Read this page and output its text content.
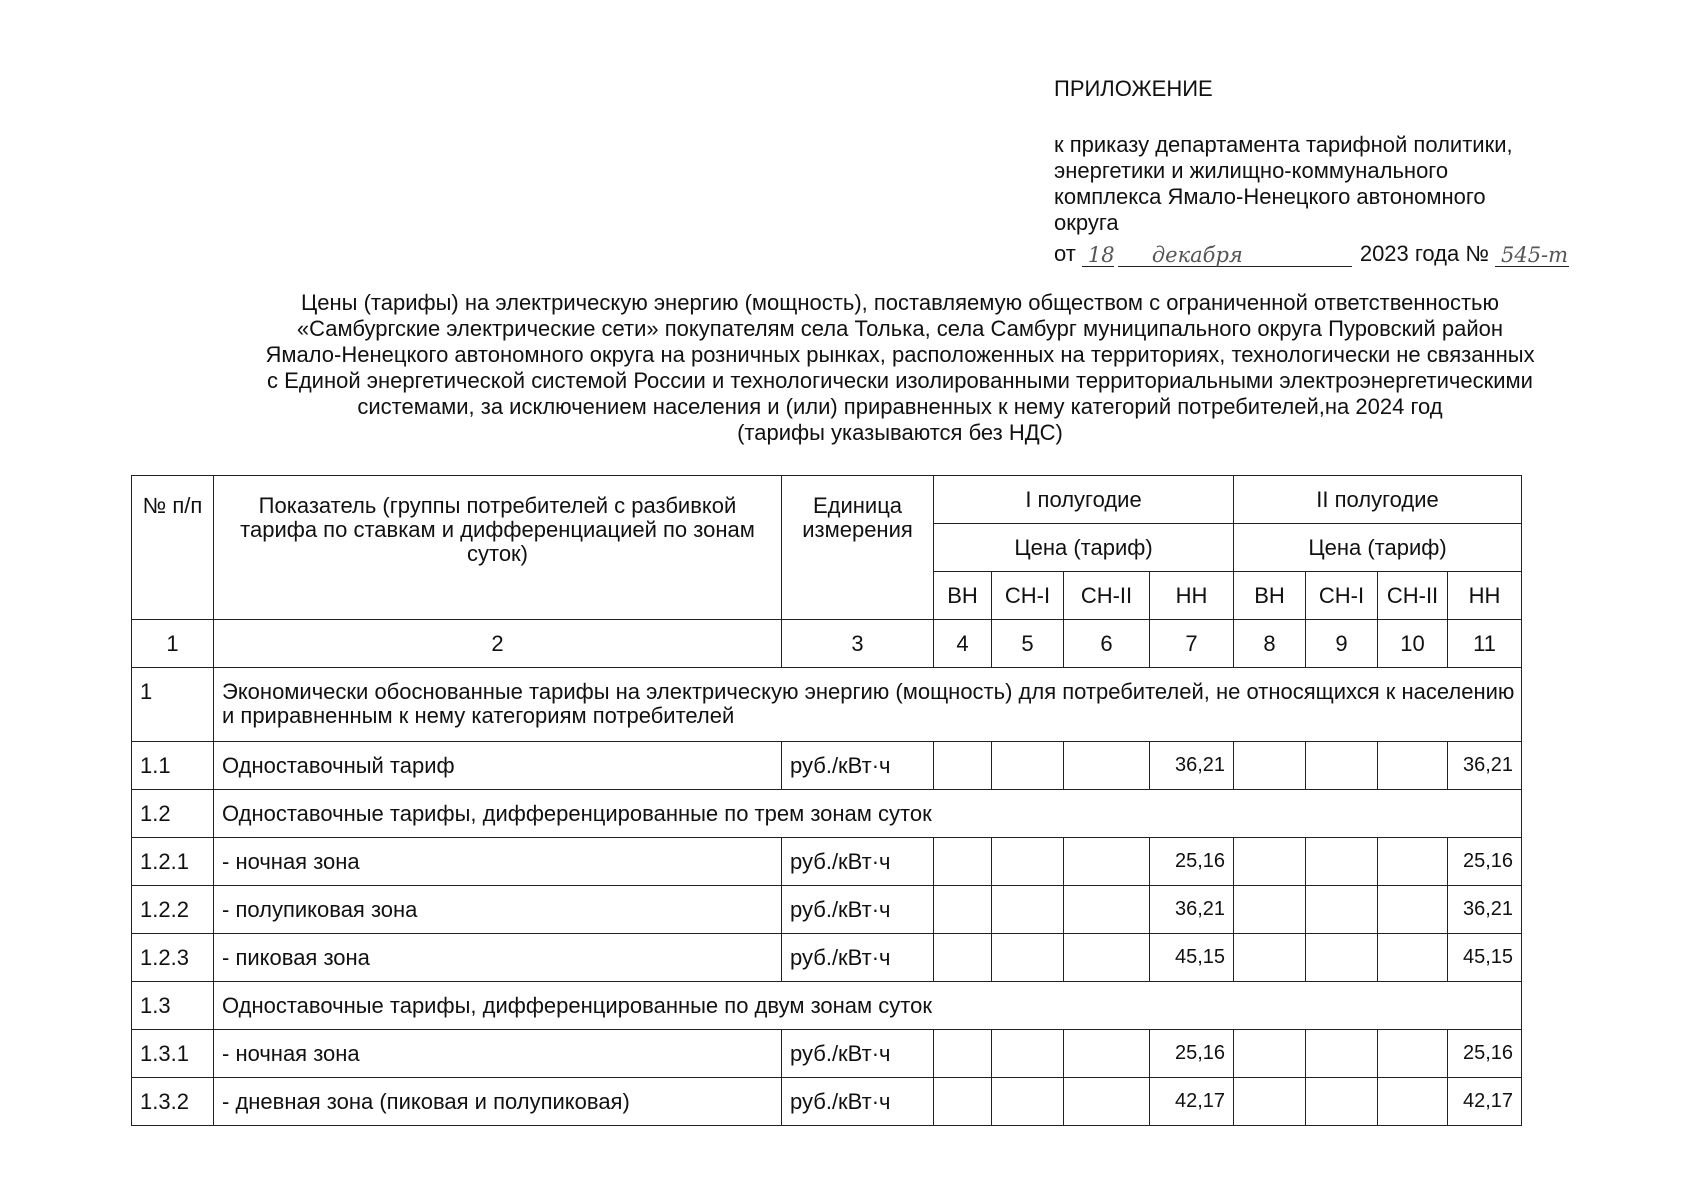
ПРИЛОЖЕНИЕ
к приказу департамента тарифной политики,
энергетики и жилищно-коммунального
комплекса Ямало-Ненецкого автономного
округа
от 18 декабря	2023 года № 545-т
Цены (тарифы) на электрическую энергию (мощность), поставляемую обществом с ограниченной ответственностью
«Самбургские электрические сети» покупателям села Толька, села Самбург муниципального округа Пуровский район
Ямало-Ненецкого автономного округа на розничных рынках, расположенных на территориях, технологически не связанных
с Единой энергетической системой России и технологически изолированными территориальными электроэнергетическими
системами, за исключением населения и (или) приравненных к нему категорий потребителей,на 2024 год
(тарифы указываются без НДС)
№ п/п	Показатель (группы потребителей с разбивкой тарифа по ставкам и дифференциацией по зонам суток)	Единица измерения	I полугодие				II полугодие			
			Цена (тариф)				Цена (тариф)			
			ВН	СН-I	СН-II	НН	ВН	СН-I	СН-II	НН
1	2	3	4	5	6	7	8	9	10	11
1	Экономически обоснованные тарифы на электрическую энергию (мощность) для потребителей, не относящихся к населению и приравненным к нему категориям потребителей									
1.1	Одноставочный тариф	руб./кВт·ч				36,21				36,21
1.2	Одноставочные тарифы, дифференцированные по трем зонам суток									
1.2.1	- ночная зона	руб./кВт·ч				25,16				25,16
1.2.2	- полупиковая зона	руб./кВт·ч				36,21				36,21
1.2.3	- пиковая зона	руб./кВт·ч				45,15				45,15
1.3	Одноставочные тарифы, дифференцированные по двум зонам суток									
1.3.1	- ночная зона	руб./кВт·ч				25,16				25,16
1.3.2	- дневная зона (пиковая и полупиковая)	руб./кВт·ч				42,17				42,17
